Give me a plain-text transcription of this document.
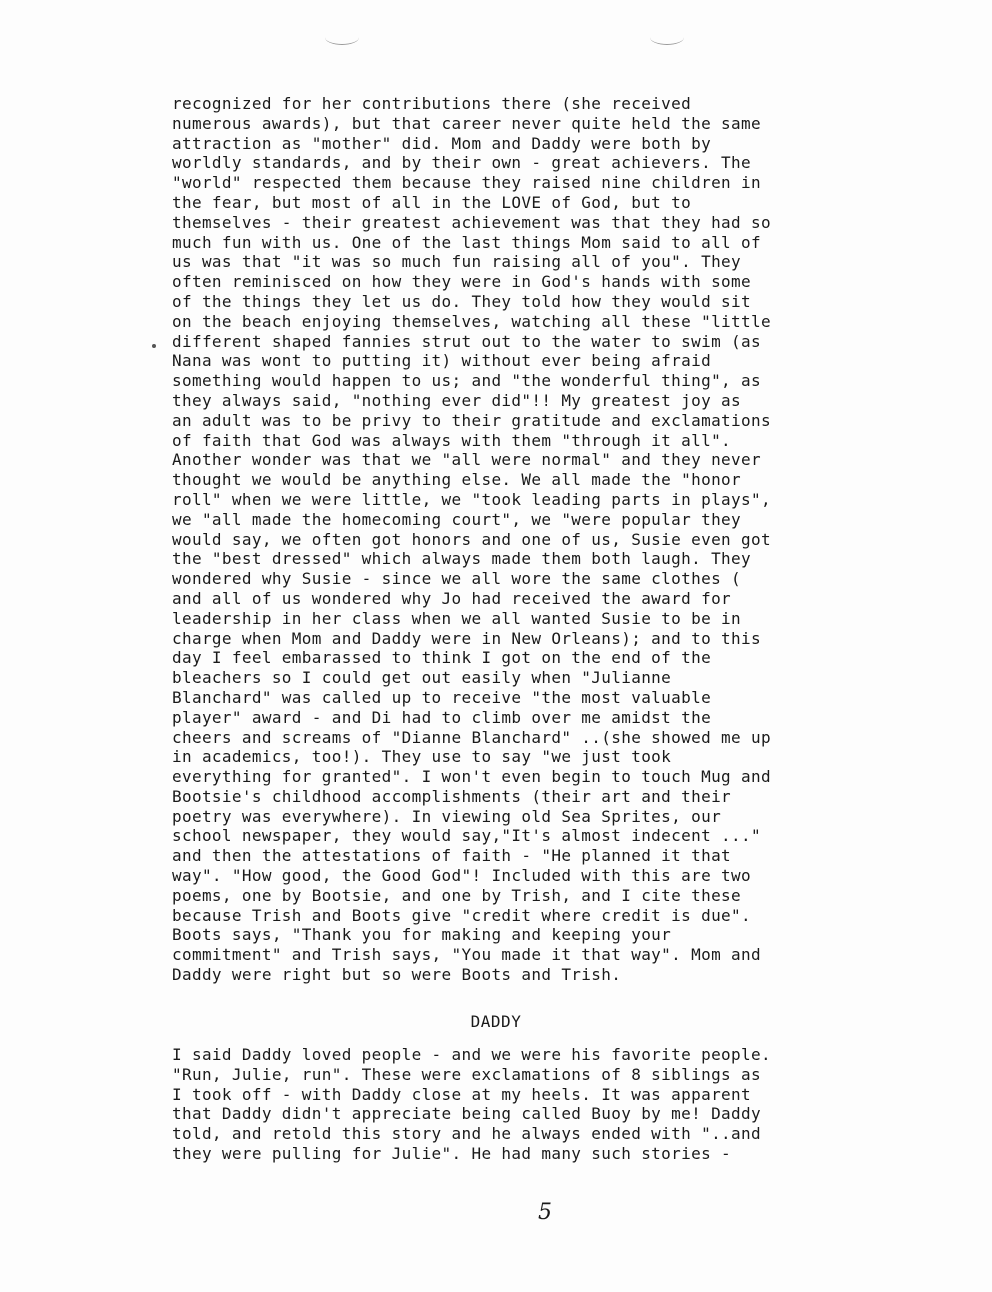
recognized for her contributions there (she received
numerous awards), but that career never quite held the same
attraction as "mother" did. Mom and Daddy were both by
worldly standards, and by their own - great achievers. The
"world" respected them because they raised nine children in
the fear, but most of all in the LOVE of God, but to
themselves - their greatest achievement was that they had so
much fun with us. One of the last things Mom said to all of
us was that "it was so much fun raising all of you". They
often reminisced on how they were in God's hands with some
of the things they let us do. They told how they would sit
on the beach enjoying themselves, watching all these "little
different shaped fannies strut out to the water to swim (as
Nana was wont to putting it) without ever being afraid
something would happen to us; and "the wonderful thing", as
they always said, "nothing ever did"!! My greatest joy as
an adult was to be privy to their gratitude and exclamations
of faith that God was always with them "through it all".
Another wonder was that we "all were normal" and they never
thought we would be anything else. We all made the "honor
roll" when we were little, we "took leading parts in plays",
we "all made the homecoming court", we "were popular they
would say, we often got honors and one of us, Susie even got
the "best dressed" which always made them both laugh. They
wondered why Susie - since we all wore the same clothes (
and all of us wondered why Jo had received the award for
leadership in her class when we all wanted Susie to be in
charge when Mom and Daddy were in New Orleans); and to this
day I feel embarassed to think I got on the end of the
bleachers so I could get out easily when "Julianne
Blanchard" was called up to receive "the most valuable
player" award - and Di had to climb over me amidst the
cheers and screams of "Dianne Blanchard" ..(she showed me up
in academics, too!). They use to say "we just took
everything for granted". I won't even begin to touch Mug and
Bootsie's childhood accomplishments (their art and their
poetry was everywhere). In viewing old Sea Sprites, our
school newspaper, they would say,"It's almost indecent ..."
and then the attestations of faith - "He planned it that
way". "How good, the Good God"! Included with this are two
poems, one by Bootsie, and one by Trish, and I cite these
because Trish and Boots give "credit where credit is due".
Boots says, "Thank you for making and keeping your
commitment" and Trish says, "You made it that way". Mom and
Daddy were right but so were Boots and Trish.
DADDY
I said Daddy loved people - and we were his favorite people.
"Run, Julie, run". These were exclamations of 8 siblings as
I took off - with Daddy close at my heels. It was apparent
that Daddy didn't appreciate being called Buoy by me! Daddy
told, and retold this story and he always ended with "..and
they were pulling for Julie". He had many such stories -
5
